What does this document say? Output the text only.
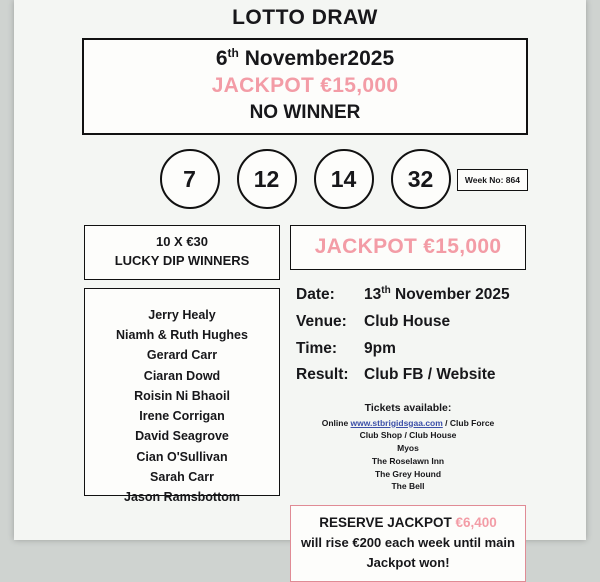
LOTTO DRAW
6th November2025
JACKPOT €15,000
NO WINNER
7	12	14	32	Week No: 864
10 X €30
LUCKY DIP WINNERS
Jerry Healy
Niamh & Ruth Hughes
Gerard Carr
Ciaran Dowd
Roisin Ni Bhaoil
Irene Corrigan
David Seagrove
Cian O'Sullivan
Sarah Carr
Jason Ramsbottom
JACKPOT €15,000
Date:	13th November 2025
Venue:	Club House
Time:	9pm
Result: Club FB / Website
Tickets available:
Online www.stbrigidsgaa.com / Club Force
Club Shop / Club House
Myos
The Roselawn Inn
The Grey Hound
The Bell
RESERVE JACKPOT €6,400
will rise €200 each week until main
Jackpot won!
